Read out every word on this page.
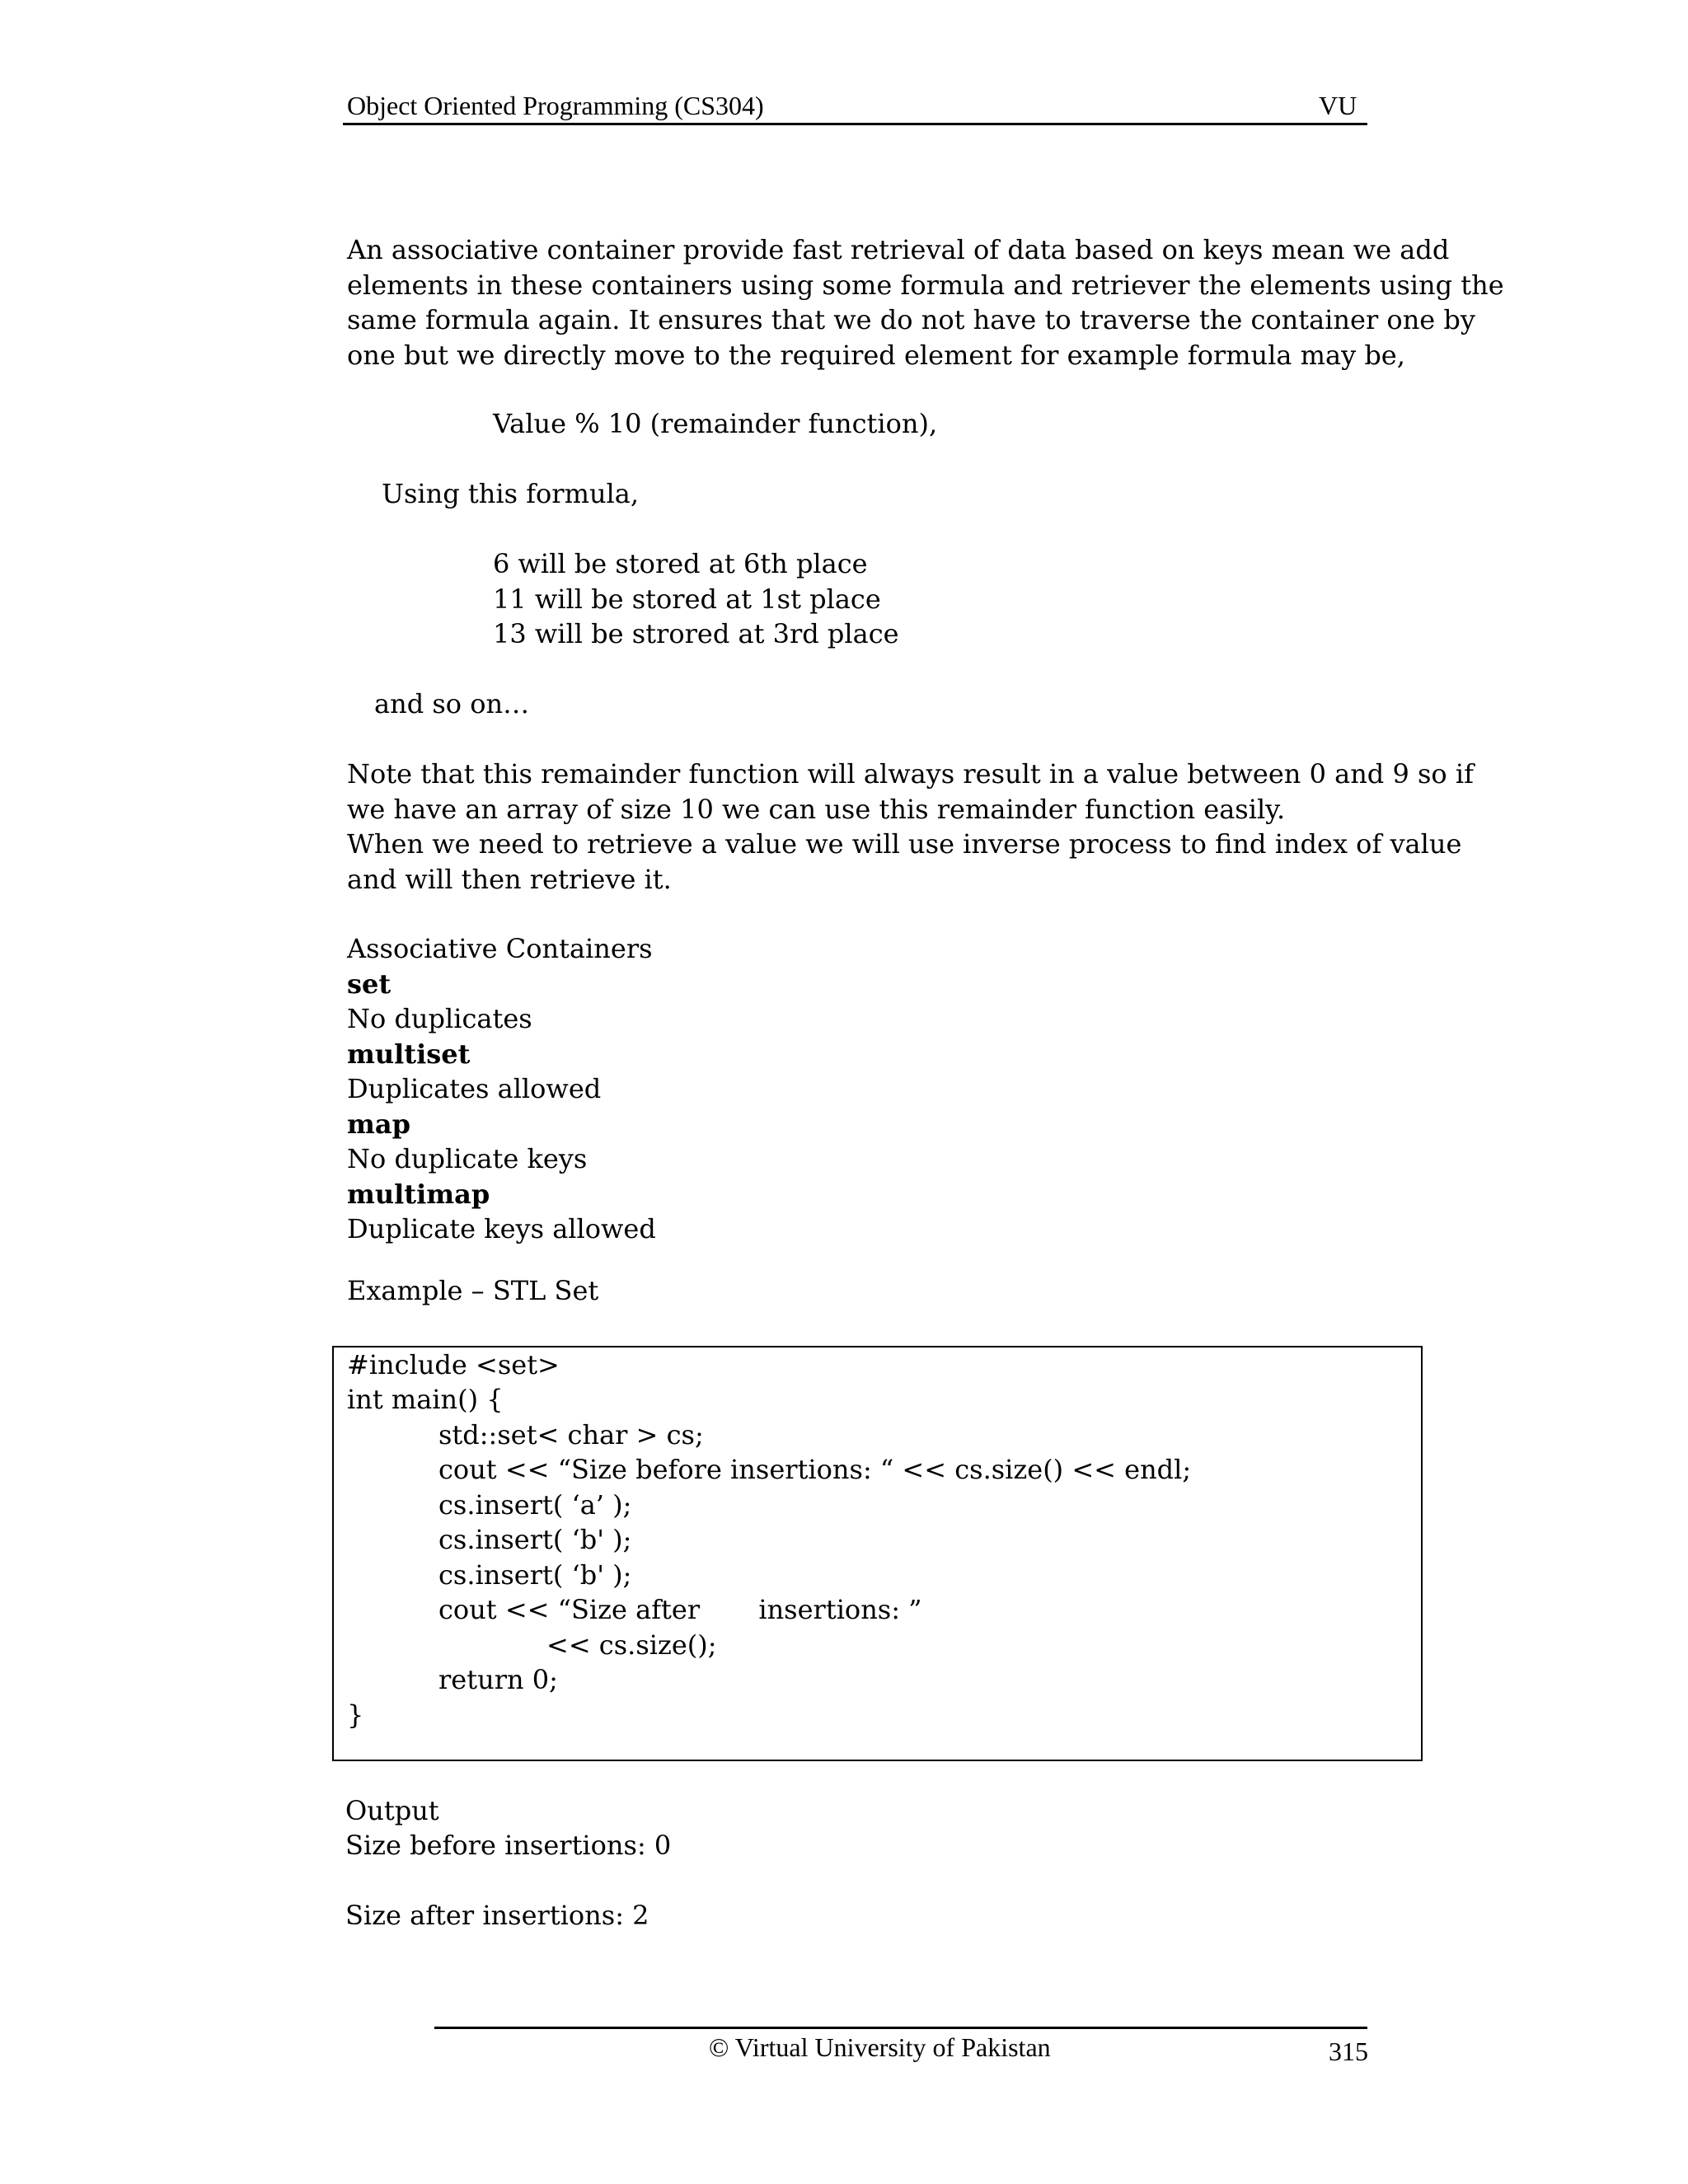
Object Oriented Programming (CS304)	VU
An associative container provide fast retrieval of data based on keys mean we add
elements in these containers using some formula and retriever the elements using the
same formula again. It ensures that we do not have to traverse the container one by
one but we directly move to the required element for example formula may be,
Value % 10 (remainder function),
Using this formula,
6 will be stored at 6th place
11 will be stored at 1st place
13 will be strored at 3rd place
and so on…
Note that this remainder function will always result in a value between 0 and 9 so if
we have an array of size 10 we can use this remainder function easily.
When we need to retrieve a value we will use inverse process to find index of value
and will then retrieve it.
Associative Containers
set
No duplicates
multiset
Duplicates allowed
map
No duplicate keys
multimap
Duplicate keys allowed
Example – STL Set
#include <set>
int main() {
std::set< char > cs;
cout << “Size before insertions: “ << cs.size() << endl;
cs.insert( ‘a’ );
cs.insert( ‘b' );
cs.insert( ‘b' );
cout << “Size after       insertions: ”
<< cs.size();
return 0;
}
Output
Size before insertions: 0
Size after insertions: 2
© Virtual University of Pakistan	315
